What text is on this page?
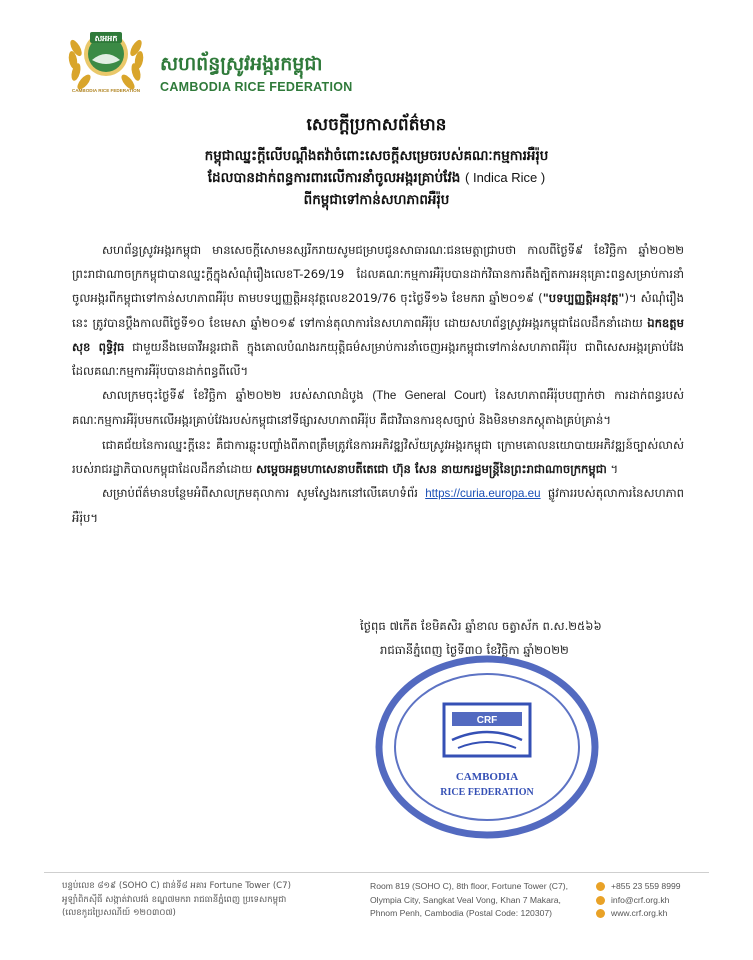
សអអក
CAMBODIA RICE FEDERATION
សហព័ន្ធស្រូវអង្ករកម្ពុជា
CAMBODIA RICE FEDERATION
សេចក្តីប្រកាសព័ត៌មាន
កម្ពុជាឈ្នះក្តីលើបណ្តឹងតវ៉ាចំពោះសេចក្តីសម្រេចរបស់គណៈកម្មការអឺរ៉ុប
ដែលបានដាក់ពន្ធការពារលើការនាំចូលអង្ករគ្រាប់វែង ( Indica Rice )
ពីកម្ពុជាទៅកាន់សហភាពអឺរ៉ុប

សហព័ន្ធស្រូវអង្ករកម្ពុជា មានសេចក្តីសោមនស្សរីករាយសូមជម្រាបជូនសាធារណៈជនមេត្តាជ្រាបថា កាលពីថ្ងៃទី៩ ខែវិច្ឆិកា ឆ្នាំ២០២២ ព្រះរាជាណាចក្រកម្ពុជាបានឈ្នះក្តីក្នុងសំណុំរឿងលេខT-269/19 ដែលគណៈកម្មការអឺរ៉ុបបានដាក់វិធានការតឹងត្បិតការអនុគ្រោះពន្ធសម្រាប់ការនាំចូលអង្ករពីកម្ពុជាទៅកាន់សហភាពអឺរ៉ុប តាមបទប្បញ្ញត្តិអនុវត្តលេខ2019/76 ចុះថ្ងៃទី១៦ ខែមករា ឆ្នាំ២០១៩ ("បទប្បញ្ញត្តិអនុវត្ត")។ សំណុំរឿងនេះ ត្រូវបានប្តឹងកាលពីថ្ងៃទី១០ ខែមេសា ឆ្នាំ២០១៩ ទៅកាន់តុលាការនៃសហភាពអឺរ៉ុប ដោយសហព័ន្ធស្រូវអង្ករកម្ពុជាដែលដឹកនាំដោយ ឯកឧត្តម សុខ ពុទ្ធិវុធ ជាមួយនឹងមេធាវីអន្តរជាតិ ក្នុងគោលបំណងរកយុត្តិធម៌សម្រាប់ការនាំចេញអង្ករកម្ពុជាទៅកាន់សហភាពអឺរ៉ុប ជាពិសេសអង្ករគ្រាប់វែងដែលគណៈកម្មការអឺរ៉ុបបានដាក់ពន្ធពីលើ។

សាលក្រមចុះថ្ងៃទី៩ ខែវិច្ឆិកា ឆ្នាំ២០២២ របស់សាលាដំបូង (The General Court) នៃសហភាពអឺរ៉ុបបញ្ជាក់ថា ការដាក់ពន្ធរបស់គណៈកម្មការអឺរ៉ុបមកលើអង្ករគ្រាប់វែងរបស់កម្ពុជានៅទីផ្សារសហភាពអឺរ៉ុប គឺជាវិធានការខុសច្បាប់ និងមិនមានភស្តុតាងគ្រប់គ្រាន់។

ជោគជ័យនៃការឈ្នះក្តីនេះ គឺជាការឆ្លុះបញ្ចាំងពីភាពត្រឹមត្រូវនៃការអភិវឌ្ឍវិស័យស្រូវអង្ករកម្ពុជា ក្រោមគោលនយោបាយអភិវឌ្ឍន៍ច្បាស់លាស់របស់រាជរដ្ឋាភិបាលកម្ពុជាដែលដឹកនាំដោយ សម្តេចអគ្គមហាសេនាបតីតេជោ ហ៊ុន សែន នាយករដ្ឋមន្ត្រីនៃព្រះរាជាណាចក្រកម្ពុជា ។

សម្រាប់ព័ត៌មានបន្ថែមអំពីសាលក្រមតុលាការ សូមស្វែងរកនៅលើគេហទំព័រ https://curia.europa.eu ផ្លូវការរបស់តុលាការនៃសហភាពអឺរ៉ុប។

ថ្ងៃពុធ ៧កើត ខែមិគសិរ ឆ្នាំខាល ចត្វាស័ក ព.ស.២៥៦៦
រាជធានីភ្នំពេញ ថ្ងៃទី៣០ ខែវិច្ឆិកា ឆ្នាំ២០២២
CRF
CAMBODIA
RICE FEDERATION
បន្ទប់លេខ ៨១៩ (SOHO C) ជាន់ទី៨ អគារ Fortune Tower (C7)
អូឡាំពិកស៊ីធី សង្កាត់វាលវង់ ខណ្ឌ៧មករា រាជធានីភ្នំពេញ ប្រទេសកម្ពុជា
(លេខកូដប្រៃសណីយ៍ ១២០៣០៧)
Room 819 (SOHO C), 8th floor, Fortune Tower (C7),
Olympia City, Sangkat Veal Vong, Khan 7 Makara,
Phnom Penh, Cambodia (Postal Code: 120307)
+855 23 559 8999
info@crf.org.kh
www.crf.org.kh
